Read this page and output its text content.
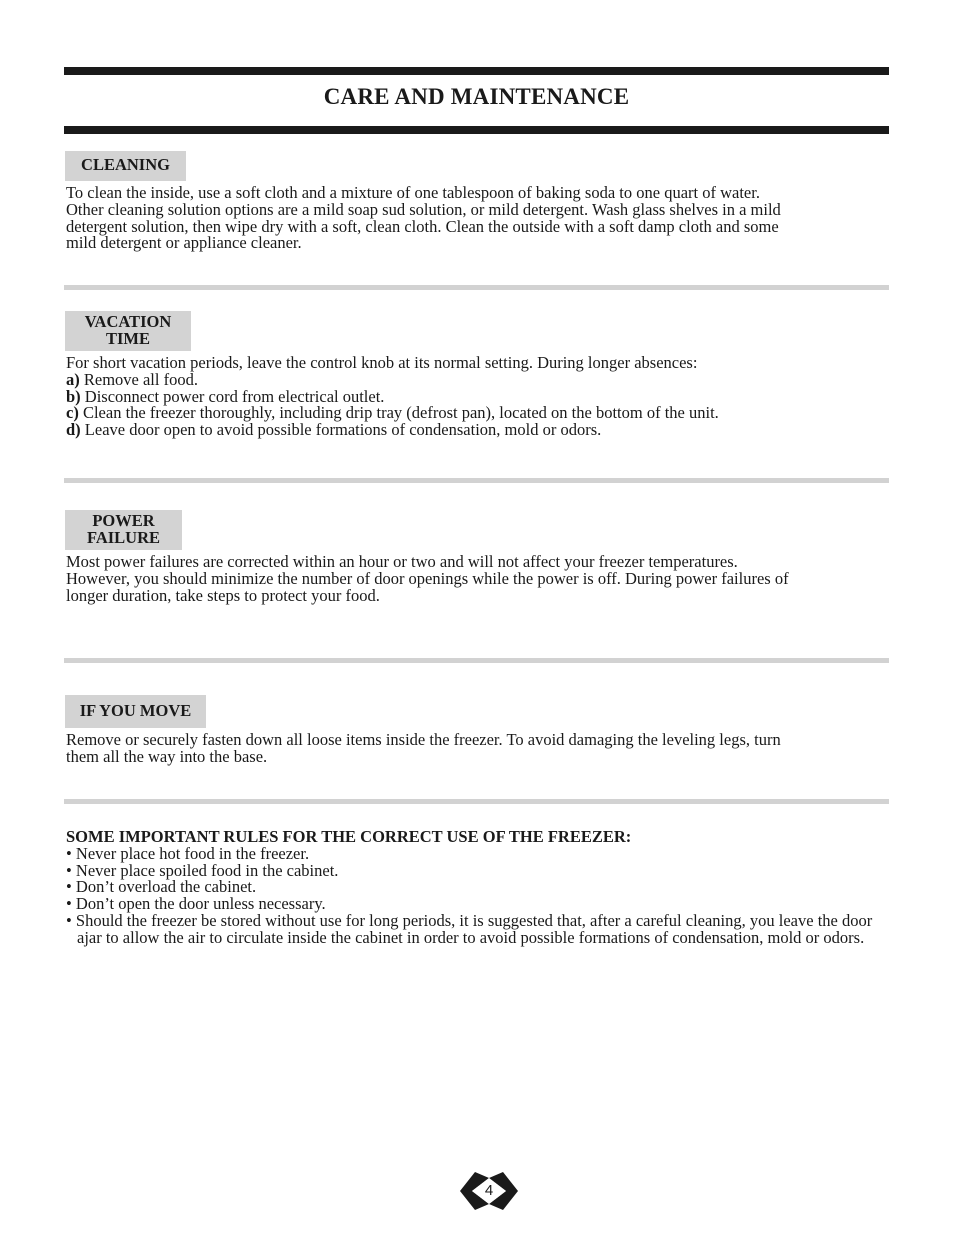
CARE AND MAINTENANCE
CLEANING

To clean the inside, use a soft cloth and a mixture of one tablespoon of baking soda to one quart of water.

Other cleaning solution options are a mild soap sud solution, or mild detergent. Wash glass shelves in a mild

detergent solution, then wipe dry with a soft, clean cloth. Clean the outside with a soft damp cloth and some

mild detergent or appliance cleaner.

VACATION
TIME

For short vacation periods, leave the control knob at its normal setting. During longer absences:

a) Remove all food.

b) Disconnect power cord from electrical outlet.

c) Clean the freezer thoroughly, including drip tray (defrost pan), located on the bottom of the unit.

d) Leave door open to avoid possible formations of condensation, mold or odors.

POWER
FAILURE

Most power failures are corrected within an hour or two and will not affect your freezer temperatures.

However, you should minimize the number of door openings while the power is off. During power failures of

longer duration, take steps to protect your food.

IF YOU MOVE

Remove or securely fasten down all loose items inside the freezer. To avoid damaging the leveling legs, turn

them all the way into the base.

SOME IMPORTANT RULES FOR THE CORRECT USE OF THE FREEZER:

• Never place hot food in the freezer.
• Never place spoiled food in the cabinet.
• Don’t overload the cabinet.
• Don’t open the door unless necessary.
• Should the freezer be stored without use for long periods, it is suggested that, after a careful cleaning, you leave the door ajar to allow the air to circulate inside the cabinet in order to avoid possible formations of condensation, mold or odors.
4
